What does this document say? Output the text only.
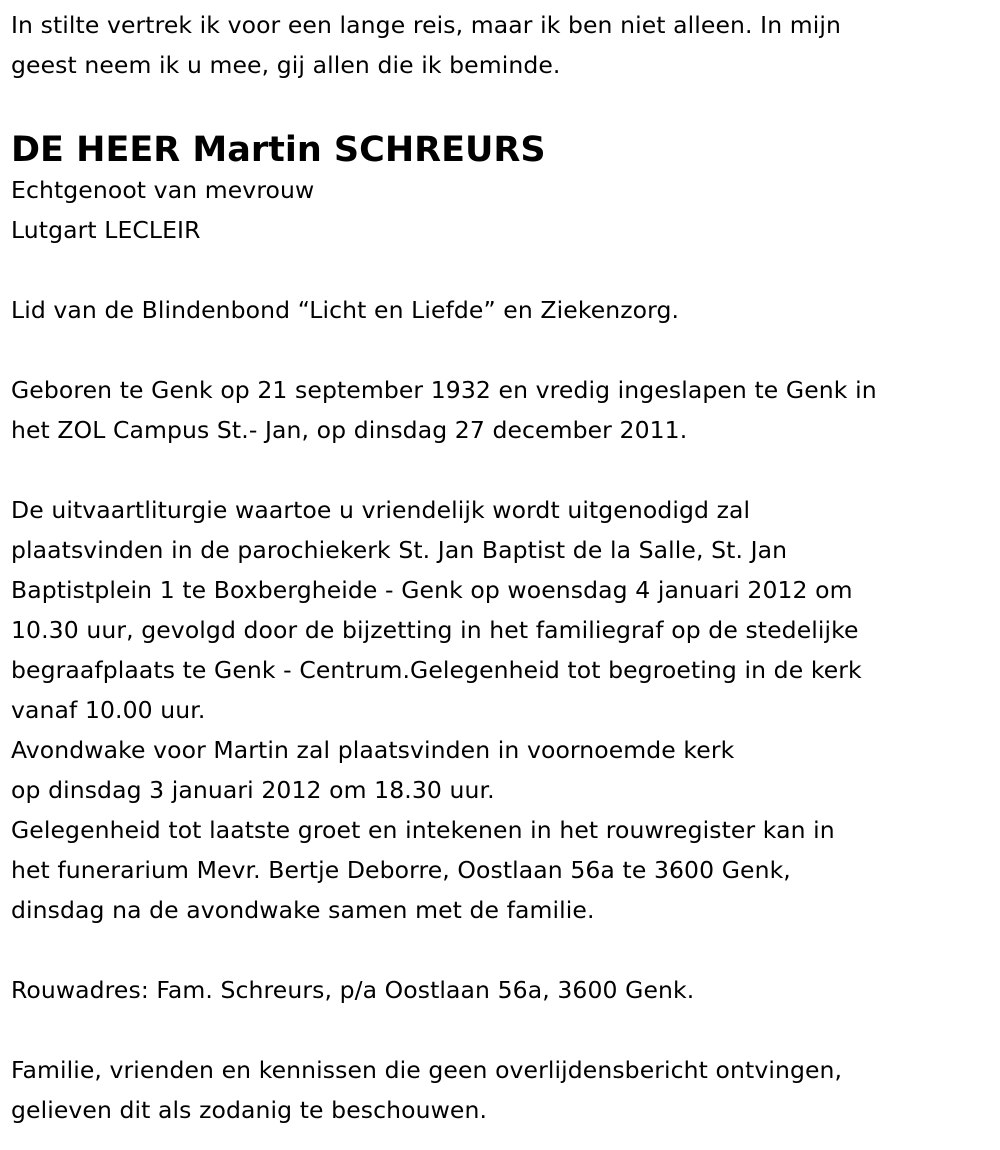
In stilte vertrek ik voor een lange reis, maar ik ben niet alleen. In mijn
geest neem ik u mee, gij allen die ik beminde.
DE HEER Martin SCHREURS
Echtgenoot van mevrouw
Lutgart LECLEIR
Lid van de Blindenbond “Licht en Liefde” en Ziekenzorg.
Geboren te Genk op 21 september 1932 en vredig ingeslapen te Genk in
het ZOL Campus St.- Jan, op dinsdag 27 december 2011.
De uitvaartliturgie waartoe u vriendelijk wordt uitgenodigd zal
plaatsvinden in de parochiekerk St. Jan Baptist de la Salle, St. Jan
Baptistplein 1 te Boxbergheide - Genk op woensdag 4 januari 2012 om
10.30 uur, gevolgd door de bijzetting in het familiegraf op de stedelijke
begraafplaats te Genk - Centrum.Gelegenheid tot begroeting in de kerk
vanaf 10.00 uur.
Avondwake voor Martin zal plaatsvinden in voornoemde kerk
op dinsdag 3 januari 2012 om 18.30 uur.
Gelegenheid tot laatste groet en intekenen in het rouwregister kan in
het funerarium Mevr. Bertje Deborre, Oostlaan 56a te 3600 Genk,
dinsdag na de avondwake samen met de familie.
Rouwadres: Fam. Schreurs, p/a Oostlaan 56a, 3600 Genk.
Familie, vrienden en kennissen die geen overlijdensbericht ontvingen,
gelieven dit als zodanig te beschouwen.
